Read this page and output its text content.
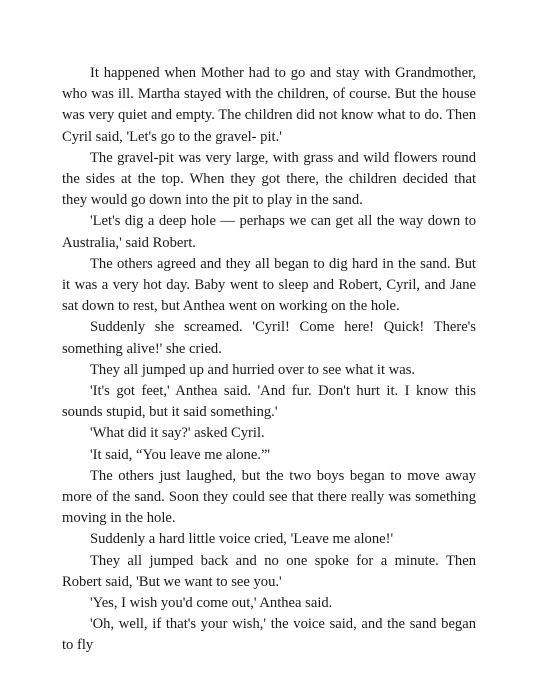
It happened when Mother had to go and stay with Grandmother, who was ill. Martha stayed with the children, of course. But the house was very quiet and empty. The children did not know what to do. Then Cyril said, 'Let's go to the gravel- pit.'

The gravel-pit was very large, with grass and wild flowers round the sides at the top. When they got there, the children decided that they would go down into the pit to play in the sand.

'Let's dig a deep hole — perhaps we can get all the way down to Australia,' said Robert.

The others agreed and they all began to dig hard in the sand. But it was a very hot day. Baby went to sleep and Robert, Cyril, and Jane sat down to rest, but Anthea went on working on the hole.

Suddenly she screamed. 'Cyril! Come here! Quick! There's something alive!' she cried.

They all jumped up and hurried over to see what it was.

'It's got feet,' Anthea said. 'And fur. Don't hurt it. I know this sounds stupid, but it said something.'

'What did it say?' asked Cyril.

'It said, “You leave me alone.”'

The others just laughed, but the two boys began to move away more of the sand. Soon they could see that there really was something moving in the hole.

Suddenly a hard little voice cried, 'Leave me alone!'

They all jumped back and no one spoke for a minute. Then Robert said, 'But we want to see you.'

'Yes, I wish you'd come out,' Anthea said.

'Oh, well, if that's your wish,' the voice said, and the sand began to fly
